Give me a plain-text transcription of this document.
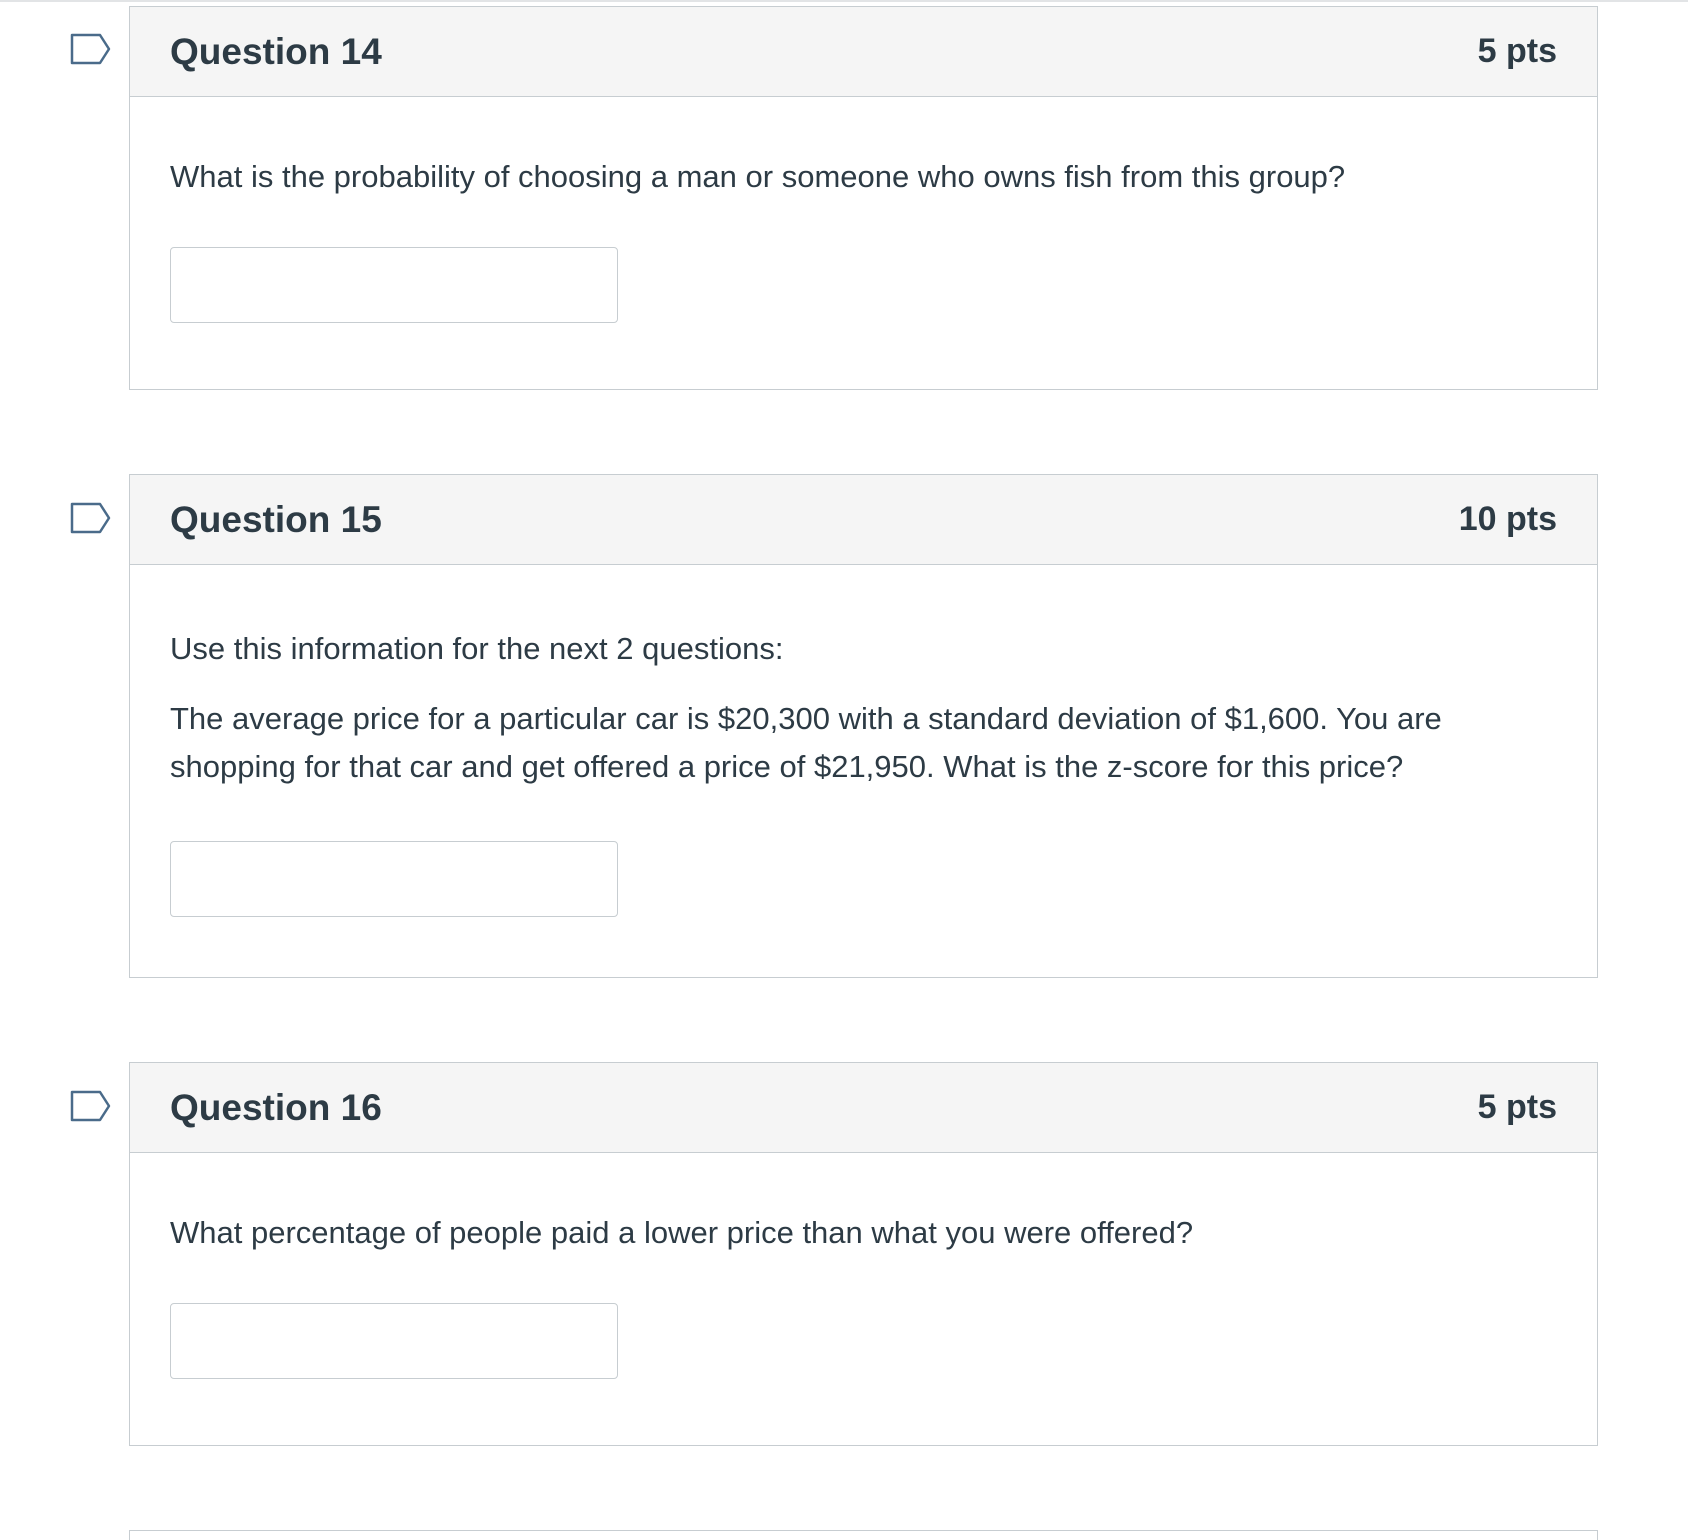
Question 14	5 pts

What is the probability of choosing a man or someone who owns fish from this group?

Question 15	10 pts

Use this information for the next 2 questions:

The average price for a particular car is $20,300 with a standard deviation of $1,600. You are shopping for that car and get offered a price of $21,950. What is the z-score for this price?

Question 16	5 pts

What percentage of people paid a lower price than what you were offered?
